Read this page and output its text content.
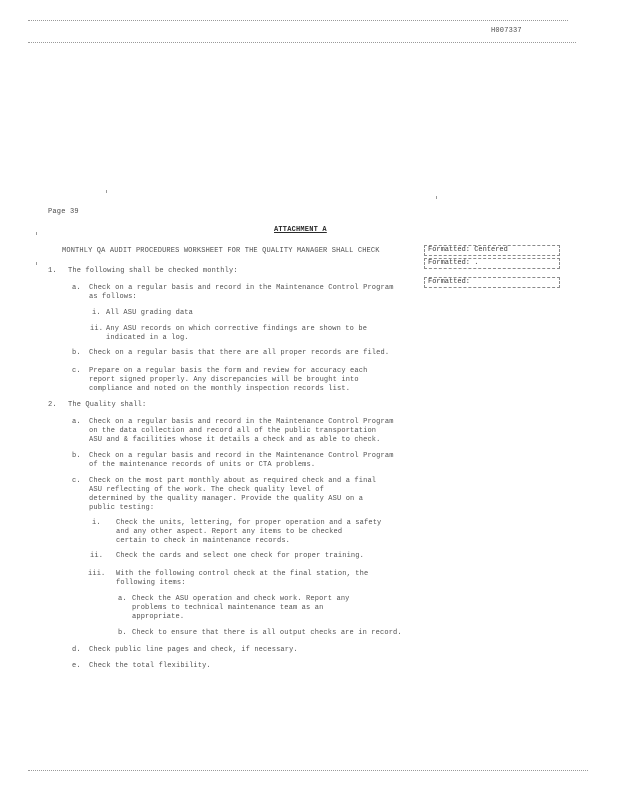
H007337
Page 39
ATTACHMENT A
MONTHLY QA AUDIT PROCEDURES WORKSHEET FOR THE QUALITY MANAGER SHALL CHECK	Formatted: Centered
Formatted: .
Formatted:
1. The following shall be checked monthly:
a. Check on a regular basis and record in the Maintenance Control Program
as follows:
i. All ASU grading data
ii. Any ASU records on which corrective findings are shown to be
indicated in a log.
b. Check on a regular basis that there are all proper records are filed.
c. Prepare on a regular basis the form and review for accuracy each
report signed properly. Any discrepancies will be brought into
compliance and noted on the monthly inspection records list.
2. The Quality shall:
a. Check on a regular basis and record in the Maintenance Control Program
on the data collection and record all of the public transportation
ASU and & facilities whose it details a check and as able to check.
b. Check on a regular basis and record in the Maintenance Control Program
of the maintenance records of units or CTA problems.
c. Check on the most part monthly about as required check and a final
ASU reflecting of the work. The check quality level of
determined by the quality manager. Provide the quality ASU on a
public testing:
i. Check the units, lettering, for proper operation and a safety
and any other aspect. Report any items to be checked
certain to check in maintenance records.
ii. Check the cards and select one check for proper training.
iii. With the following control check at the final station, the
following items:
a. Check the ASU operation and check work. Report any
problems to technical maintenance team as an
appropriate.
b. Check to ensure that there is all output checks are in record.
d. Check public line pages and check, if necessary.
e. Check the total flexibility.
